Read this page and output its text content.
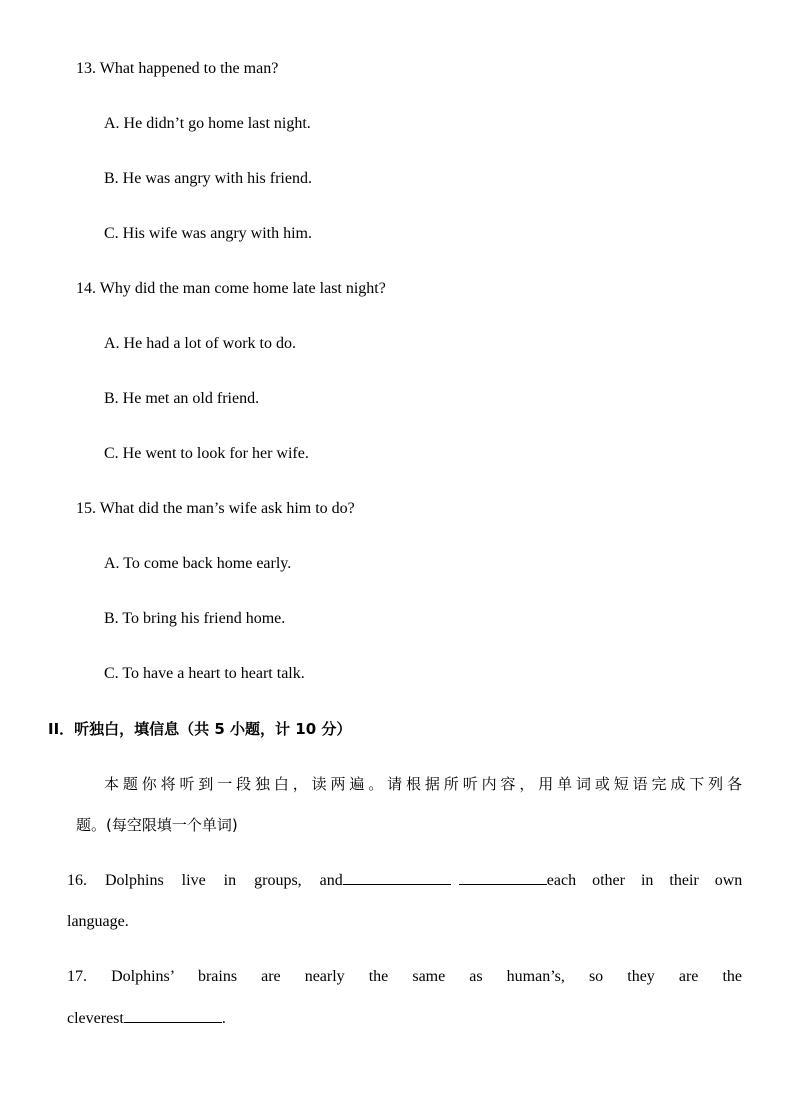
13. What happened to the man?
A. He didn’t go home last night.
B. He was angry with his friend.
C. His wife was angry with him.
14. Why did the man come home late last night?
A. He had a lot of work to do.
B. He met an old friend.
C. He went to look for her wife.
15. What did the man’s wife ask him to do?
A. To come back home early.
B. To bring his friend home.
C. To have a heart to heart talk.
II．听独白，填信息（共 5 小题，计 10 分）
本题你将听到一段独白，读两遍。请根据所听内容，用单词或短语完成下列各
题。(每空限填一个单词)
16. Dolphins live in groups, and
	each other in their own
language.
17. Dolphins’ brains are nearly the same as human’s, so they are the
cleverest	.
